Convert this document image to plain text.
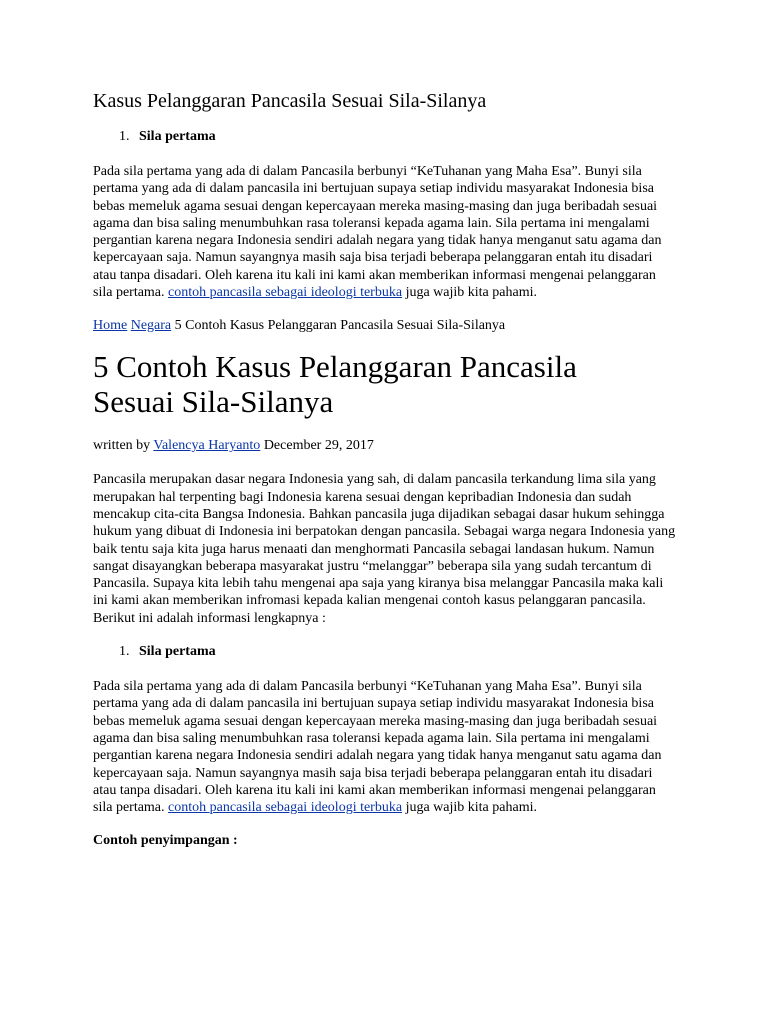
Kasus Pelanggaran Pancasila Sesuai Sila-Silanya
1. Sila pertama

Pada sila pertama yang ada di dalam Pancasila berbunyi “KeTuhanan yang Maha Esa”. Bunyi sila pertama yang ada di dalam pancasila ini bertujuan supaya setiap individu masyarakat Indonesia bisa bebas memeluk agama sesuai dengan kepercayaan mereka masing-masing dan juga beribadah sesuai agama dan bisa saling menumbuhkan rasa toleransi kepada agama lain. Sila pertama ini mengalami pergantian karena negara Indonesia sendiri adalah negara yang tidak hanya menganut satu agama dan kepercayaan saja. Namun sayangnya masih saja bisa terjadi beberapa pelanggaran entah itu disadari atau tanpa disadari. Oleh karena itu kali ini kami akan memberikan informasi mengenai pelanggaran sila pertama. contoh pancasila sebagai ideologi terbuka juga wajib kita pahami.

Home Negara 5 Contoh Kasus Pelanggaran Pancasila Sesuai Sila-Silanya
5 Contoh Kasus Pelanggaran Pancasila Sesuai Sila-Silanya
written by Valencya Haryanto December 29, 2017

Pancasila merupakan dasar negara Indonesia yang sah, di dalam pancasila terkandung lima sila yang merupakan hal terpenting bagi Indonesia karena sesuai dengan kepribadian Indonesia dan sudah mencakup cita-cita Bangsa Indonesia. Bahkan pancasila juga dijadikan sebagai dasar hukum sehingga hukum yang dibuat di Indonesia ini berpatokan dengan pancasila. Sebagai warga negara Indonesia yang baik tentu saja kita juga harus menaati dan menghormati Pancasila sebagai landasan hukum. Namun sangat disayangkan beberapa masyarakat justru “melanggar” beberapa sila yang sudah tercantum di Pancasila. Supaya kita lebih tahu mengenai apa saja yang kiranya bisa melanggar Pancasila maka kali ini kami akan memberikan infromasi kepada kalian mengenai contoh kasus pelanggaran pancasila. Berikut ini adalah informasi lengkapnya :

1. Sila pertama

Pada sila pertama yang ada di dalam Pancasila berbunyi “KeTuhanan yang Maha Esa”. Bunyi sila pertama yang ada di dalam pancasila ini bertujuan supaya setiap individu masyarakat Indonesia bisa bebas memeluk agama sesuai dengan kepercayaan mereka masing-masing dan juga beribadah sesuai agama dan bisa saling menumbuhkan rasa toleransi kepada agama lain. Sila pertama ini mengalami pergantian karena negara Indonesia sendiri adalah negara yang tidak hanya menganut satu agama dan kepercayaan saja. Namun sayangnya masih saja bisa terjadi beberapa pelanggaran entah itu disadari atau tanpa disadari. Oleh karena itu kali ini kami akan memberikan informasi mengenai pelanggaran sila pertama. contoh pancasila sebagai ideologi terbuka juga wajib kita pahami.

Contoh penyimpangan :
